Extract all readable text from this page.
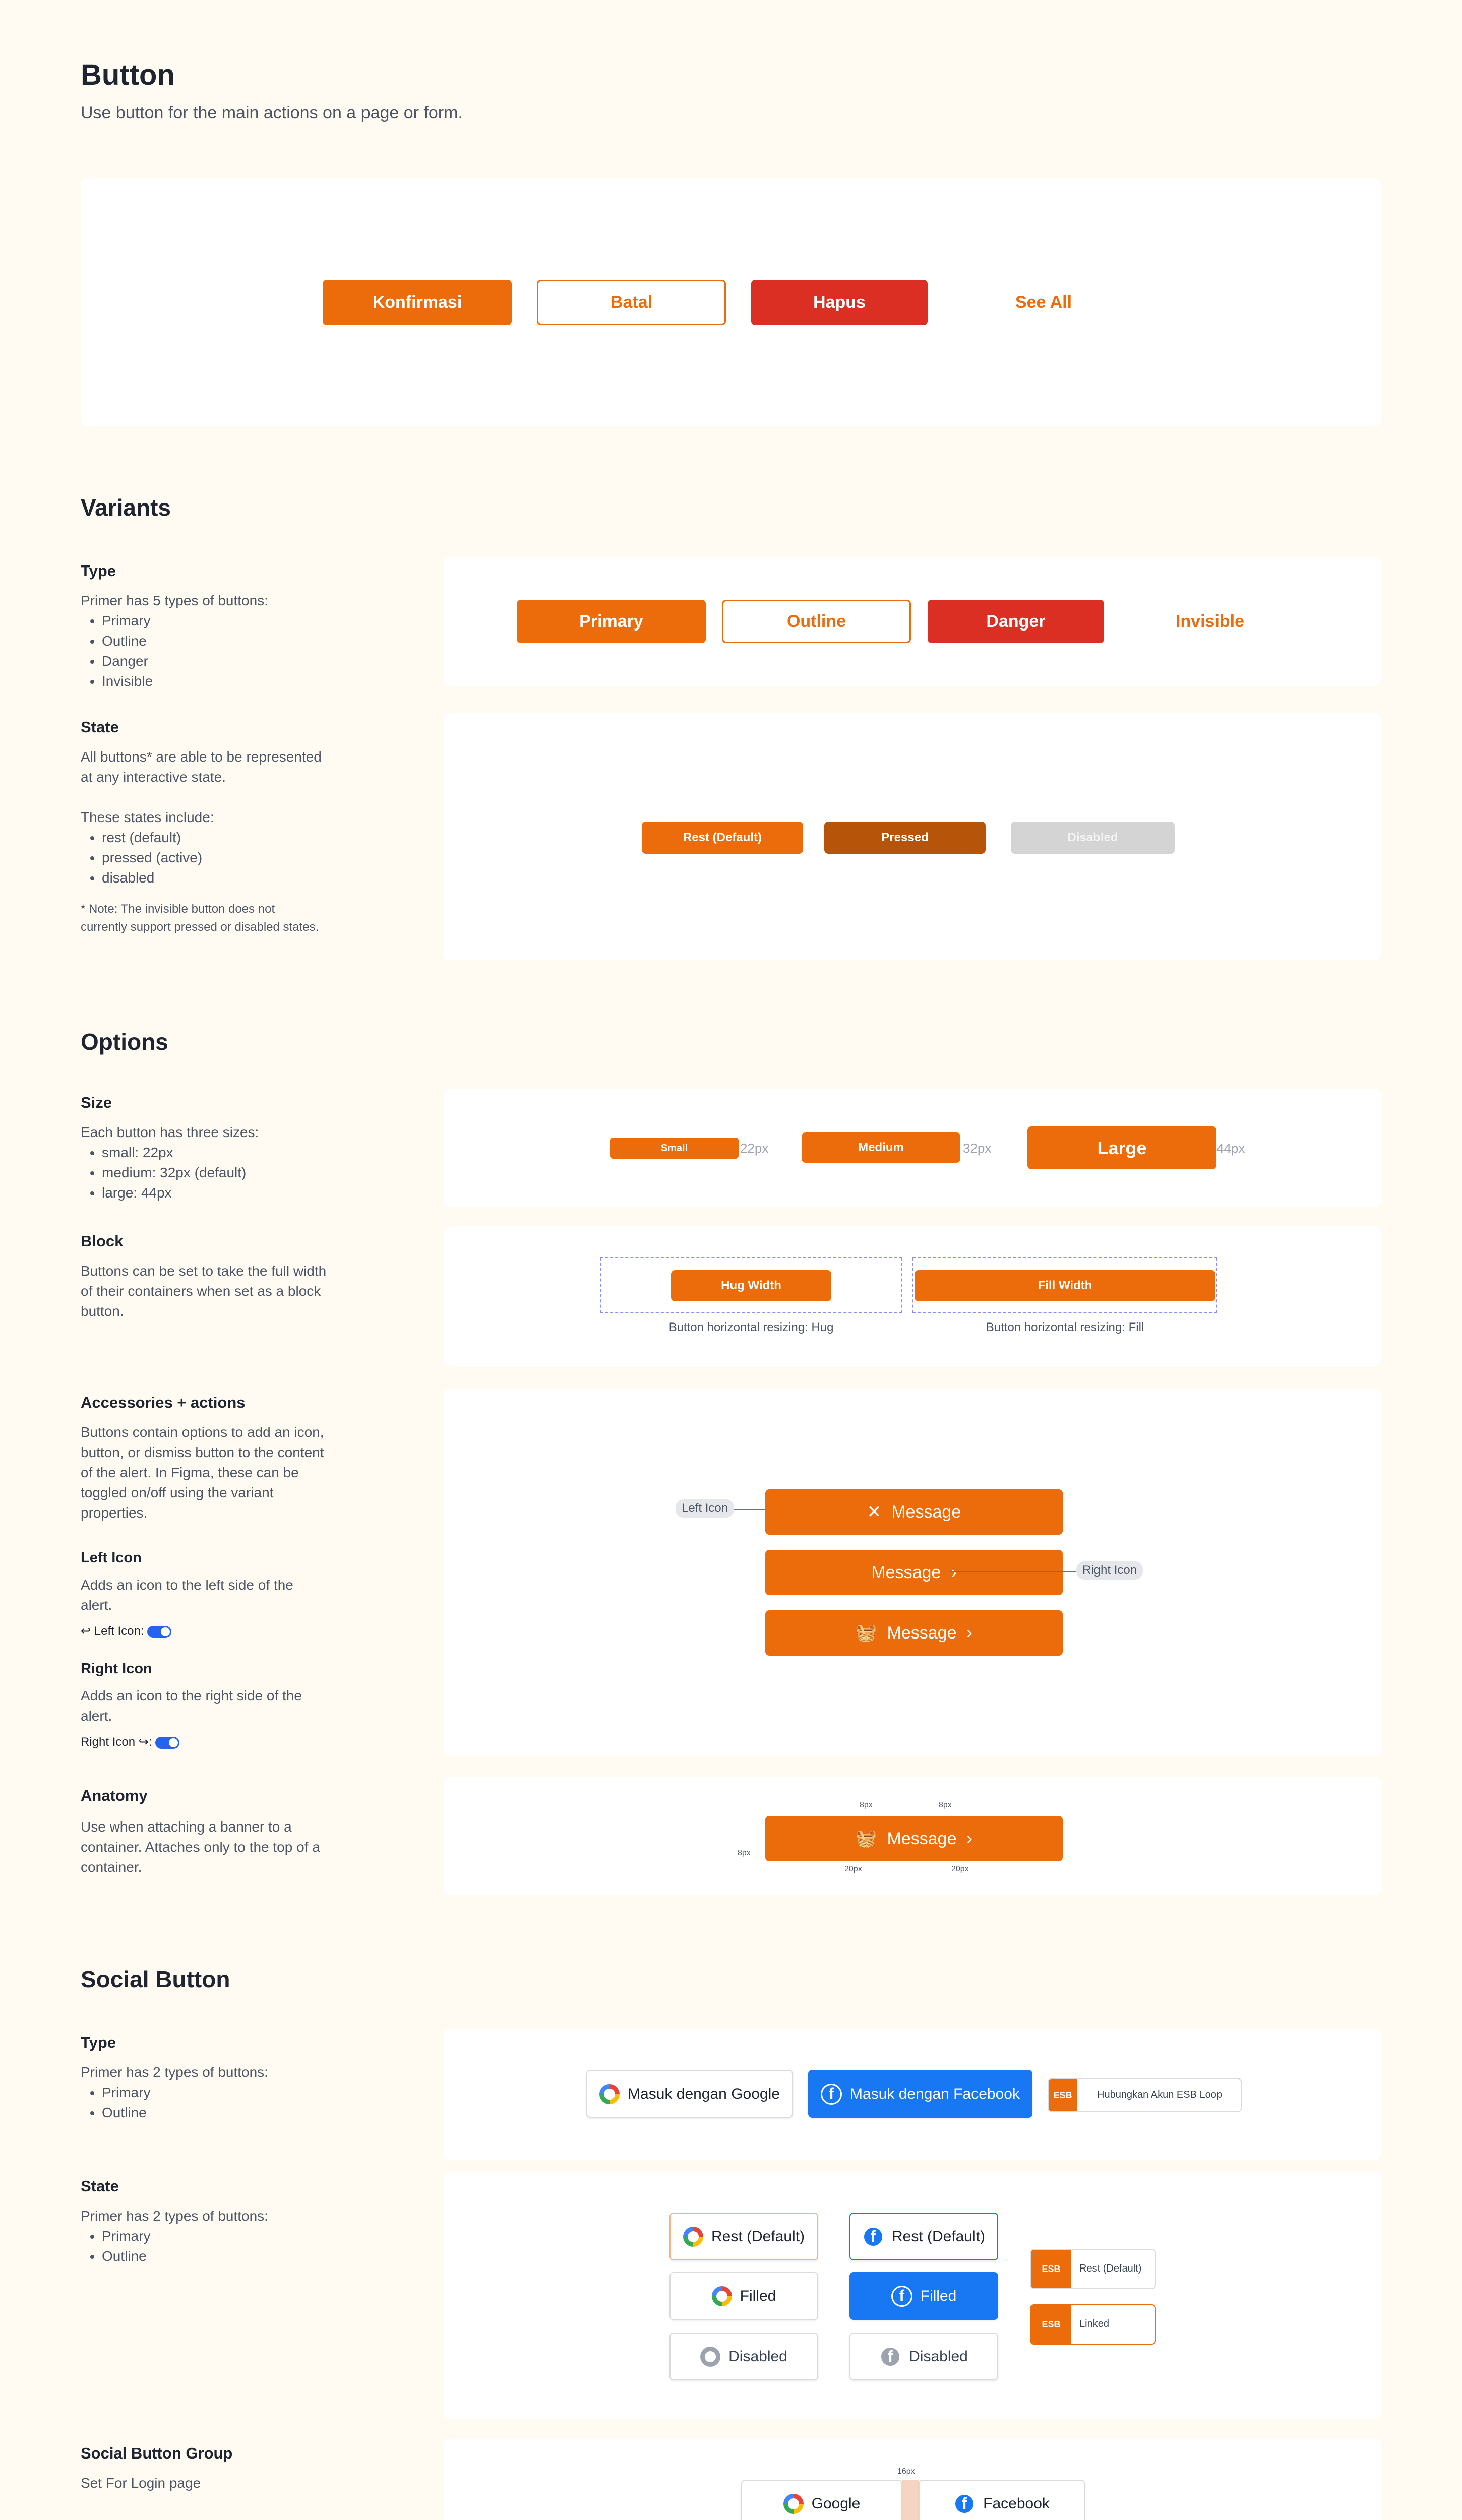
Button
Use button for the main actions on a page or form.
Konfirmasi	Batal	Hapus	See All
Variants
Type
Primer has 5 types of buttons:
• Primary
• Outline
• Danger
• Invisible
Primary	Outline	Danger	Invisible
State
All buttons* are able to be represented
at any interactive state.
These states include:
• rest (default)
• pressed (active)
• disabled
* Note: The invisible button does not
currently support pressed or disabled states.
Rest (Default)	Pressed	Disabled
Options
Size
Each button has three sizes:
• small: 22px
• medium: 32px (default)
• large: 44px
Small	22px	Medium	32px	Large	44px
Block
Buttons can be set to take the full width
of their containers when set as a block
button.
Hug Width
Button horizontal resizing: Hug
Fill Width
Button horizontal resizing: Fill
Accessories + actions
Buttons contain options to add an icon,
button, or dismiss button to the content
of the alert. In Figma, these can be
toggled on/off using the variant
properties.
Left Icon
Adds an icon to the left side of the
alert.
↩ Left Icon:
Right Icon
Adds an icon to the right side of the
alert.
Right Icon ↪:
Left Icon	✕ Message
Message ›	Right Icon
🧺 Message ›
Anatomy
Use when attaching a banner to a
container. Attaches only to the top of a
container.
8px	8px
8px
🧺 Message ›
20px	20px
Social Button
Type
Primer has 2 types of buttons:
• Primary
• Outline
Masuk dengan Google	f	Masuk dengan Facebook	ESB	Hubungkan Akun ESB Loop
State
Primer has 2 types of buttons:
• Primary
• Outline
Rest (Default)
Filled
Disabled
f	Rest (Default)
f	Filled
f	Disabled
ESB	Rest (Default)
ESB	Linked
Social Button Group
Set For Login page
Google
16px
f	Facebook
